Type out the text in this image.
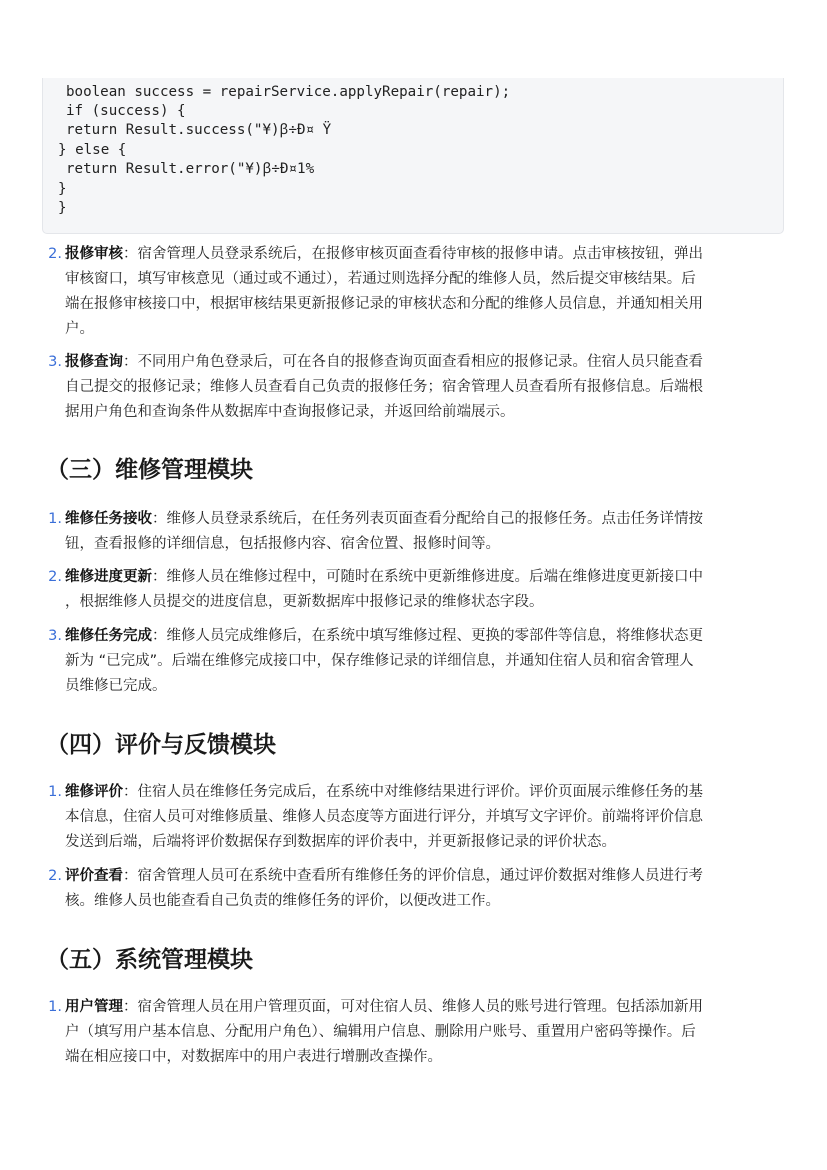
boolean success = repairService.applyRepair(repair);
if (success) {
return Result.success("¥)ꞵ÷Ð¤ Ÿ
} else {
return Result.error("¥)ꞵ÷Ð¤1%
}
}
2. 报修审核：宿舍管理人员登录系统后，在报修审核页面查看待审核的报修申请。点击审核按钮，弹出
审核窗口，填写审核意见（通过或不通过），若通过则选择分配的维修人员，然后提交审核结果。后
端在报修审核接口中，根据审核结果更新报修记录的审核状态和分配的维修人员信息，并通知相关用
户。
3. 报修查询：不同用户角色登录后，可在各自的报修查询页面查看相应的报修记录。住宿人员只能查看
自己提交的报修记录；维修人员查看自己负责的报修任务；宿舍管理人员查看所有报修信息。后端根
据用户角色和查询条件从数据库中查询报修记录，并返回给前端展示。
（三）维修管理模块
1. 维修任务接收：维修人员登录系统后，在任务列表页面查看分配给自己的报修任务。点击任务详情按
钮，查看报修的详细信息，包括报修内容、宿舍位置、报修时间等。
2. 维修进度更新：维修人员在维修过程中，可随时在系统中更新维修进度。后端在维修进度更新接口中
，根据维修人员提交的进度信息，更新数据库中报修记录的维修状态字段。
3. 维修任务完成：维修人员完成维修后，在系统中填写维修过程、更换的零部件等信息，将维修状态更
新为 “已完成”。后端在维修完成接口中，保存维修记录的详细信息，并通知住宿人员和宿舍管理人
员维修已完成。
（四）评价与反馈模块
1. 维修评价：住宿人员在维修任务完成后，在系统中对维修结果进行评价。评价页面展示维修任务的基
本信息，住宿人员可对维修质量、维修人员态度等方面进行评分，并填写文字评价。前端将评价信息
发送到后端，后端将评价数据保存到数据库的评价表中，并更新报修记录的评价状态。
2. 评价查看：宿舍管理人员可在系统中查看所有维修任务的评价信息，通过评价数据对维修人员进行考
核。维修人员也能查看自己负责的维修任务的评价，以便改进工作。
（五）系统管理模块
1. 用户管理：宿舍管理人员在用户管理页面，可对住宿人员、维修人员的账号进行管理。包括添加新用
户（填写用户基本信息、分配用户角色）、编辑用户信息、删除用户账号、重置用户密码等操作。后
端在相应接口中，对数据库中的用户表进行增删改查操作。
